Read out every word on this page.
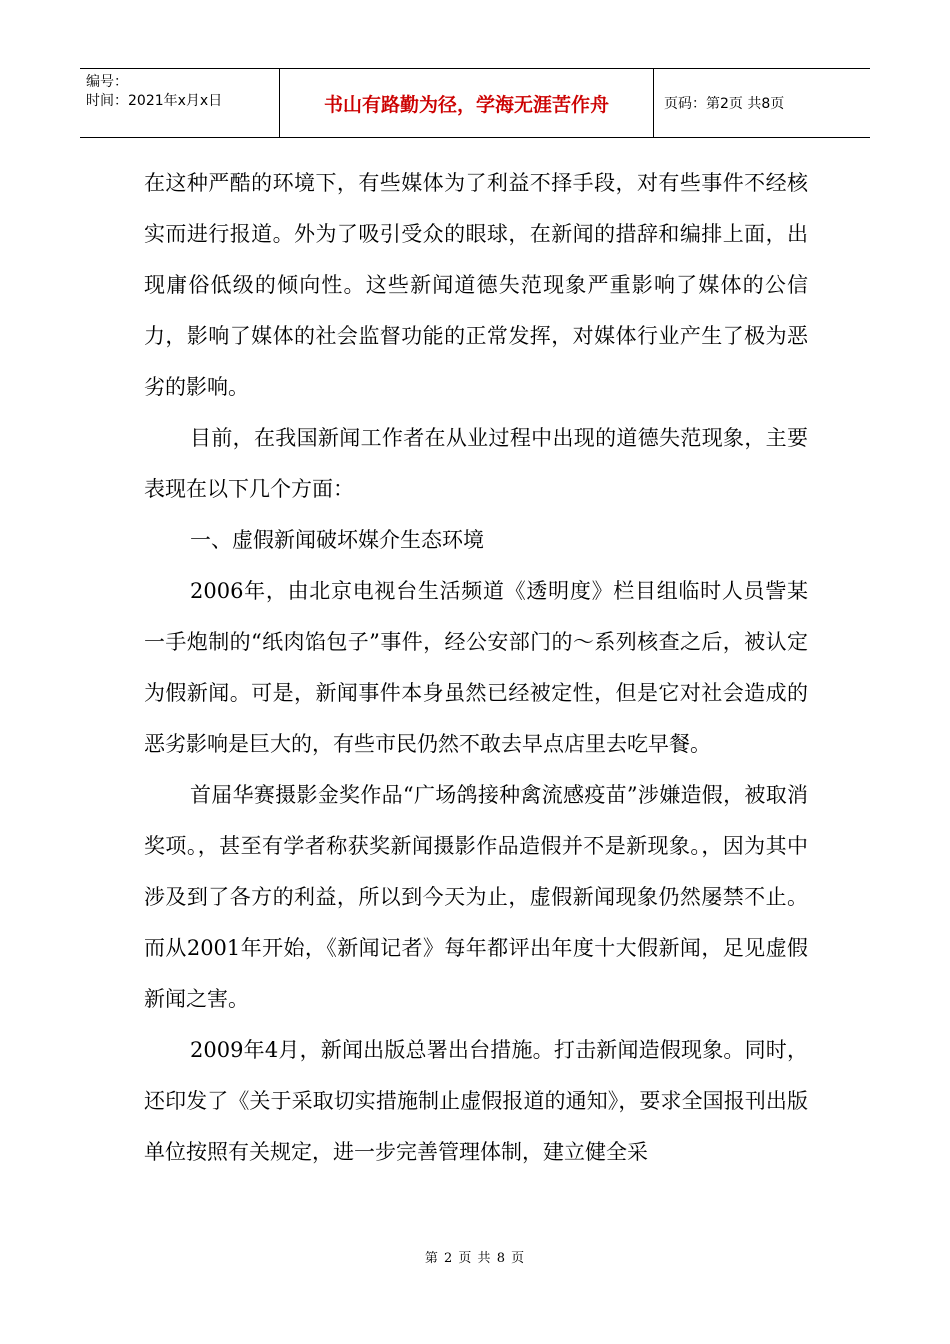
编号：
时间：2021年x月x日	书山有路勤为径，学海无涯苦作舟	页码：第2页 共8页

在这种严酷的环境下，有些媒体为了利益不择手段，对有些事件不经核实而进行报道。外为了吸引受众的眼球，在新闻的措辞和编排上面，出现庸俗低级的倾向性。这些新闻道德失范现象严重影响了媒体的公信力，影响了媒体的社会监督功能的正常发挥，对媒体行业产生了极为恶劣的影响。

目前，在我国新闻工作者在从业过程中出现的道德失范现象，主要表现在以下几个方面：

一、虚假新闻破坏媒介生态环境

2006年，由北京电视台生活频道《透明度》栏目组临时人员訾某一手炮制的“纸肉馅包子”事件，经公安部门的～系列核查之后，被认定为假新闻。可是，新闻事件本身虽然已经被定性，但是它对社会造成的恶劣影响是巨大的，有些市民仍然不敢去早点店里去吃早餐。

首届华赛摄影金奖作品“广场鸽接种禽流感疫苗”涉嫌造假，被取消奖项。，甚至有学者称获奖新闻摄影作品造假并不是新现象。，因为其中涉及到了各方的利益，所以到今天为止，虚假新闻现象仍然屡禁不止。而从2001年开始，《新闻记者》每年都评出年度十大假新闻，足见虚假新闻之害。

2009年4月，新闻出版总署出台措施。打击新闻造假现象。同时，还印发了《关于采取切实措施制止虚假报道的通知》，要求全国报刊出版单位按照有关规定，进一步完善管理体制，建立健全采

第 2 页 共 8 页
